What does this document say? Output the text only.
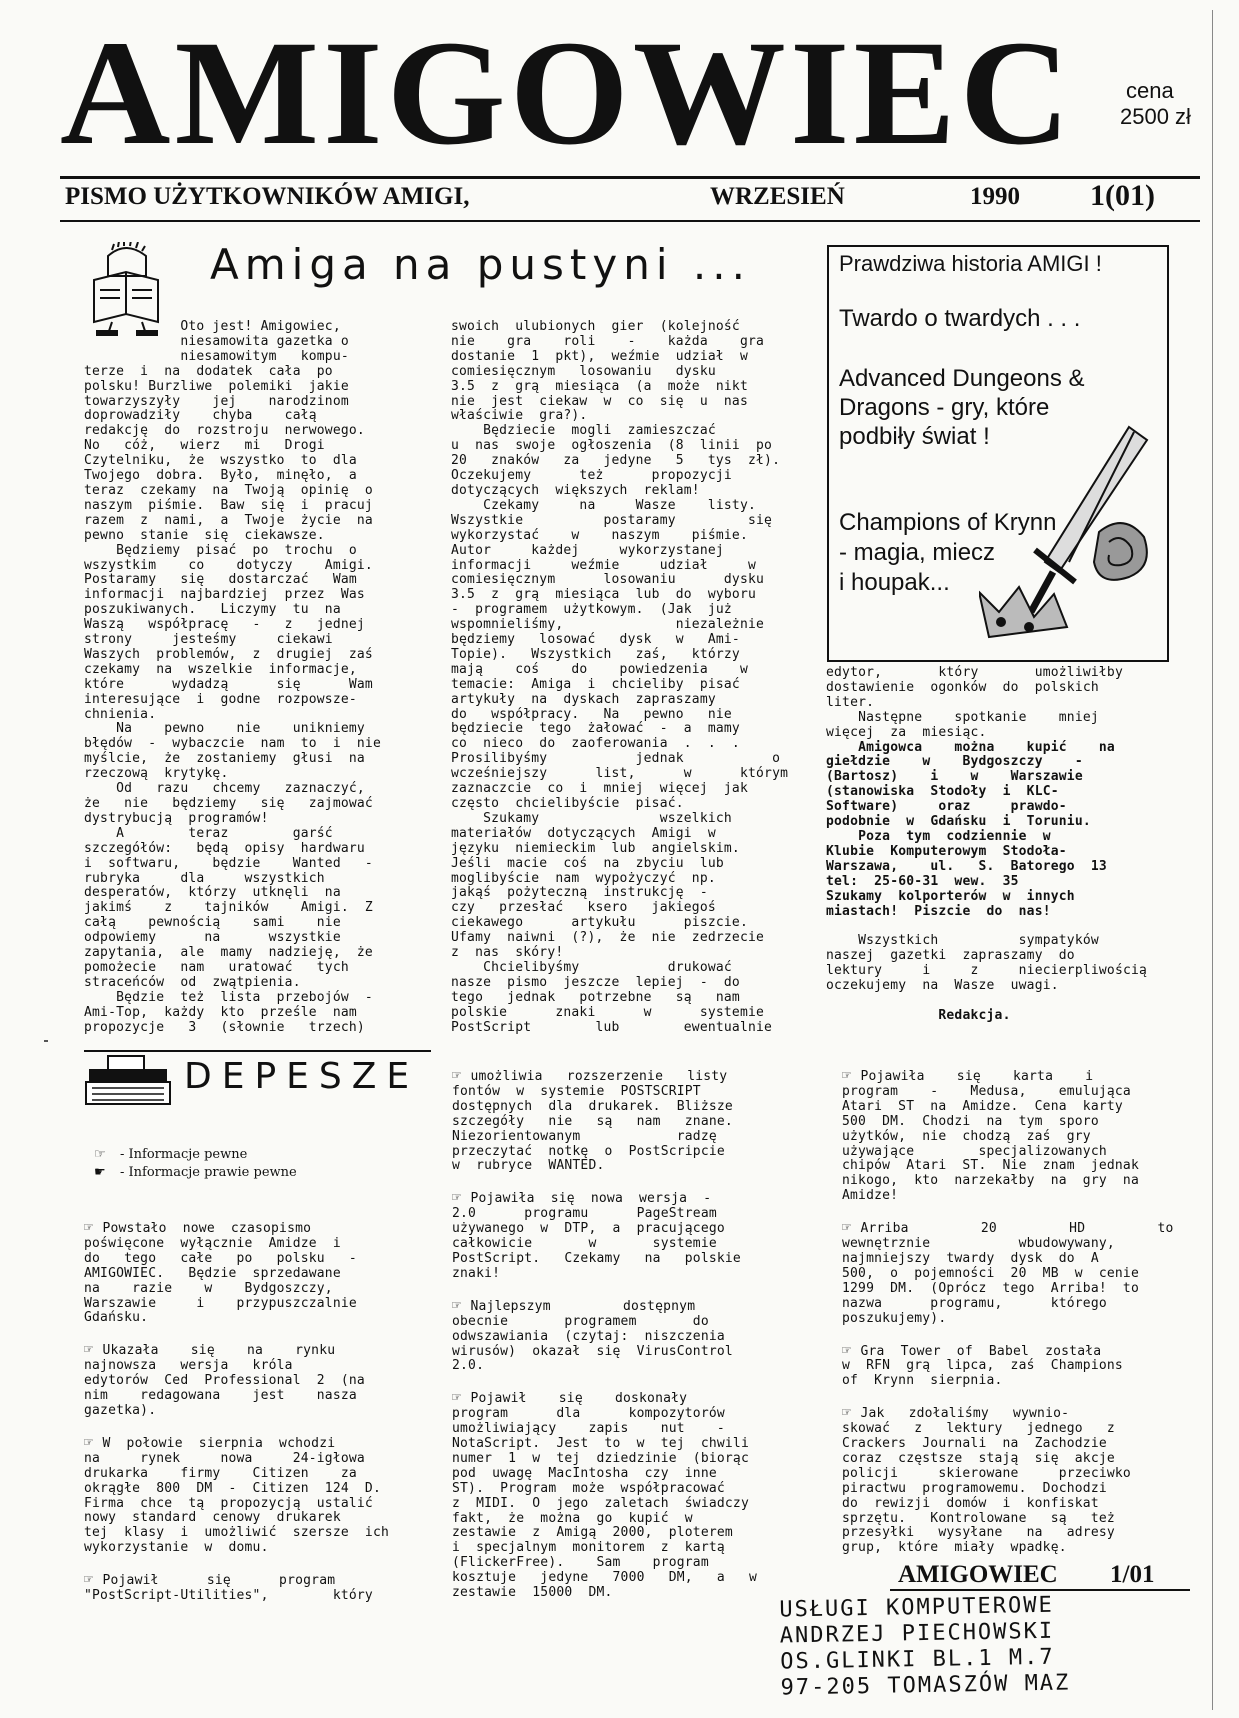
AMIGOWIEC	cena
2500 zł
PISMO UŻYTKOWNIKÓW AMIGI,	WRZESIEŃ	1990 1(01)
Amiga na pustyni ...
Oto jest! Amigowiec,
niesamowita gazetka o
niesamowitym   kompu-
terze  i  na  dodatek  cała  po
polsku! Burzliwe  polemiki  jakie
towarzyszyły    jej    narodzinom
doprowadziły    chyba    całą
redakcję  do  rozstroju  nerwowego.
No   cóż,   wierz   mi   Drogi
Czytelniku,  że  wszystko  to  dla
Twojego  dobra.  Było,  minęło,  a
teraz  czekamy  na  Twoją  opinię  o
naszym  piśmie.  Baw  się  i  pracuj
razem  z  nami,  a  Twoje  życie  na
pewno  stanie  się  ciekawsze.
Będziemy  pisać  po  trochu  o
wszystkim    co    dotyczy    Amigi.
Postaramy   się   dostarczać   Wam
informacji  najbardziej  przez  Was
poszukiwanych.   Liczymy  tu  na
Waszą   współpracę   -   z   jednej
strony     jesteśmy     ciekawi
Waszych  problemów,  z  drugiej  zaś
czekamy  na  wszelkie  informacje,
które      wydadzą      się      Wam
interesujące  i  godne  rozpowsze-
chnienia.
Na    pewno    nie    unikniemy
błędów  -  wybaczcie  nam  to  i  nie
myślcie,  że  zostaniemy  głusi  na
rzeczową  krytykę.
Od   razu   chcemy   zaznaczyć,
że   nie   będziemy   się   zajmować
dystrybucją  programów!
A        teraz        garść
szczegółów:   będą  opisy  hardwaru
i  softwaru,    będzie    Wanted   -
rubryka     dla     wszystkich
desperatów,  którzy  utknęli  na
jakimś    z    tajników    Amigi.  Z
całą    pewnością    sami    nie
odpowiemy      na      wszystkie
zapytania,  ale  mamy  nadzieję,  że
pomożecie   nam   uratować   tych
straceńców  od  zwątpienia.
Będzie  też  lista  przebojów  -
Ami-Top,  każdy  kto  prześle  nam
propozycje   3   (słownie   trzech)
swoich  ulubionych  gier  (kolejność
nie    gra    roli    -    każda    gra
dostanie  1  pkt),  weźmie  udział  w
comiesięcznym   losowaniu   dysku
3.5  z  grą  miesiąca  (a  może  nikt
nie  jest  ciekaw  w  co  się  u  nas
właściwie  gra?).
Będziecie  mogli  zamieszczać
u  nas  swoje  ogłoszenia  (8  linii  po
20   znaków   za   jedyne   5   tys  zł).
Oczekujemy      też      propozycji
dotyczących  większych  reklam!
Czekamy     na     Wasze    listy.
Wszystkie          postaramy         się
wykorzystać    w    naszym    piśmie.
Autor     każdej     wykorzystanej
informacji     weźmie     udział     w
comiesięcznym      losowaniu      dysku
3.5  z  grą  miesiąca  lub  do  wyboru
-  programem  użytkowym.  (Jak  już
wspomnieliśmy,              niezależnie
będziemy   losować   dysk   w   Ami-
Topie).   Wszystkich   zaś,   którzy
mają    coś    do    powiedzenia    w
temacie:  Amiga  i  chcieliby  pisać
artykuły  na  dyskach  zapraszamy
do   współpracy.   Na   pewno   nie
będziecie  tego  żałować  -  a  mamy
co  nieco  do  zaoferowania  .  .  .
Prosilibyśmy           jednak           o
wcześniejszy      list,      w      którym
zaznaczcie  co  i  mniej  więcej  jak
często  chcielibyście  pisać.
Szukamy               wszelkich
materiałów  dotyczących  Amigi  w
języku  niemieckim  lub  angielskim.
Jeśli  macie  coś  na  zbyciu  lub
moglibyście  nam  wypożyczyć  np.
jakąś  pożyteczną  instrukcję  -
czy   przesłać   kserо   jakiegoś
ciekawego      artykułu      piszcie.
Ufamy  naiwni  (?),  że  nie  zedrzecie
z  nas  skóry!
Chcielibyśmy           drukować
nasze  pismo  jeszcze  lepiej  -  do
tego   jednak   potrzebne   są   nam
polskie      znaki      w      systemie
PostScript        lub        ewentualnie
edytor,       który       umożliwiłby
dostawienie  ogonków  do  polskich
liter.
Następne    spotkanie    mniej
więcej  za  miesiąc.
Amigowca    można    kupić    na
giełdzie    w    Bydgoszczy    -
(Bartosz)    i    w    Warszawie
(stanowiska  Stodoły  i  KLC-
Software)     oraz     prawdo-
podobnie  w  Gdańsku  i  Toruniu.
Poza  tym  codziennie  w
Klubie  Komputerowym  Stodoła-
Warszawa,    ul.   S.  Batorego  13
tel:  25-60-31  wew.  35
Szukamy  kolporterów  w  innych
miastach!  Piszcie  do  nas!

Wszystkich          sympatyków
naszej  gazetki  zapraszamy  do
lektury     i     z     niecierpliwością
oczekujemy  na  Wasze  uwagi.

Redakcja.
Prawdziwa historia AMIGI !
Twardo o twardych . . .
Advanced Dungeons &
Dragons - gry, które
podbiły świat !
Champions of Krynn
- magia, miecz
i houpak...
DEPESZE
☞ - Informacje pewne
☛ - Informacje prawie pewne
☞ Powstało  nowe  czasopismo
poświęcone  wyłącznie  Amidze  i
do   tego   całe   po   polsku   -
AMIGOWIEC.   Będzie  sprzedawane
na    razie    w    Bydgoszczy,
Warszawie     i    przypuszczalnie
Gdańsku.
☞ Ukazała    się    na    rynku
najnowsza   wersja   króla
edytorów  Ced  Professional  2  (na
nim    redagowana    jest    nasza
gazetka).
☞ W  połowie  sierpnia  wchodzi
na     rynek     nowa     24-igłowa
drukarka    firmy    Citizen    za
okrągłe  800  DM  -  Citizen  124  D.
Firma  chce  tą  propozycją  ustalić
nowy  standard  cenowy  drukarek
tej  klasy  i  umożliwić  szersze  ich
wykorzystanie  w  domu.
☞ Pojawił      się      program
"PostScript-Utilities",        który
☞ umożliwia   rozszerzenie   listy
fontów  w  systemie  POSTSCRIPT
dostępnych  dla  drukarek.  Bliższe
szczegóły   nie   są   nam   znane.
Niezorientowanym            radzę
przeczytać  notkę  o  PostScripcie
w  rubryce  WANTED.
☞ Pojawiła  się  nowa  wersja  -
2.0      programu      PageStream
używanego  w  DTP,  a  pracującego
całkowicie       w       systemie
PostScript.   Czekamy   na   polskie
znaki!
☞ Najlepszym         dostępnym
obecnie       programem       do
odwszawiania  (czytaj:  niszczenia
wirusów)  okazał  się  VirusControl
2.0.
☞ Pojawił    się    doskonały
program      dla      kompozytorów
umożliwiający    zapis    nut    -
NotaScript.  Jest  to  w  tej  chwili
numer  1  w  tej  dziedzinie  (biorąc
pod  uwagę  MacIntosha  czy  inne
ST).  Program  może  współpracować
z  MIDI.  O  jego  zaletach  świadczy
fakt,  że  można  go  kupić  w
zestawie  z  Amigą  2000,  ploterem
i  specjalnym  monitorem  z  kartą
(FlickerFree).    Sam    program
kosztuje   jedyne   7000   DM,   a   w
zestawie  15000  DM.
☞ Pojawiła    się    karta    i
program    -    Medusa,    emulująca
Atari  ST  na  Amidze.  Cena  karty
500  DM.  Chodzi  na  tym  sporo
użytków,  nie  chodzą  zaś  gry
używające        specjalizowanych
chipów  Atari  ST.  Nie  znam  jednak
nikogo,  kto  narzekałby  na  gry  na
Amidze!
☞ Arriba         20         HD         to
wewnętrznie           wbudowywany,
najmniejszy  twardy  dysk  do  A
500,  o  pojemności  20  MB  w  cenie
1299  DM.  (Oprócz  tego  Arriba!  to
nazwa      programu,      którego
poszukujemy).
☞ Gra  Tower  of  Babel  została
w  RFN  grą  lipca,  zaś  Champions
of  Krynn  sierpnia.
☞ Jak   zdołaliśmy   wywnio-
skować   z   lektury   jednego   z
Crackers  Journali  na  Zachodzie
coraz  częstsze  stają  się  akcje
policji     skierowane     przeciwko
piractwu  programowemu.  Dochodzi
do  rewizji  domów  i  konfiskat
sprzętu.   Kontrolowane   są   też
przesyłki   wysyłane   na   adresy
grup,  które  miały  wpadkę.
AMIGOWIEC 1/01
USŁUGI KOMPUTEROWE
ANDRZEJ PIECHOWSKI
OS.GLINKI BL.1 M.7
97-205 TOMASZÓW MAZ
